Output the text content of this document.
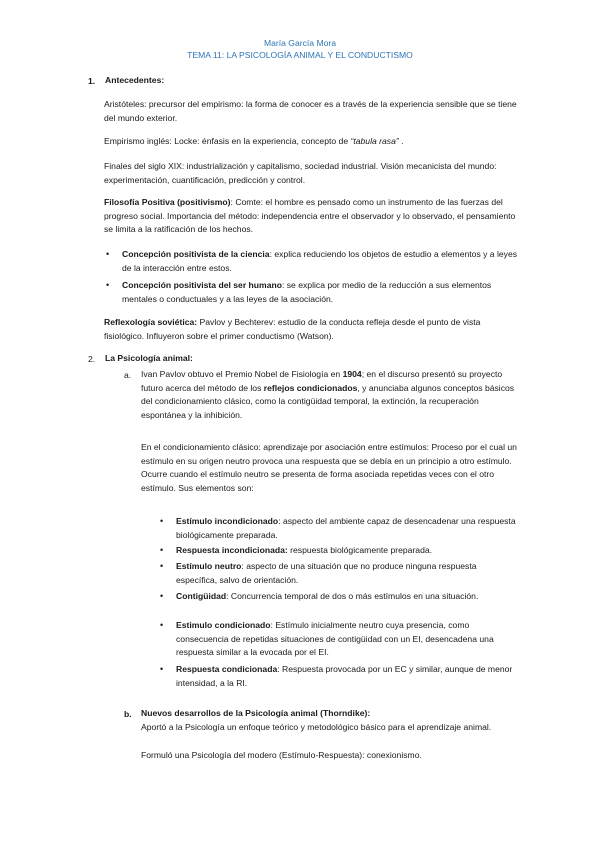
María García Mora
TEMA 11: LA PSICOLOGÍA ANIMAL Y EL CONDUCTISMO
1. Antecedentes:
Aristóteles: precursor del empirismo: la forma de conocer es a través de la experiencia sensible que se tiene del mundo exterior.
Empirismo inglés: Locke: énfasis en la experiencia, concepto de “tabula rasa” .
Finales del siglo XIX: industrialización y capitalismo, sociedad industrial. Visión mecanicista del mundo: experimentación, cuantificación, predicción y control.
Filosofía Positiva (positivismo): Comte: el hombre es pensado como un instrumento de las fuerzas del progreso social. Importancia del método: independencia entre el observador y lo observado, el pensamiento se limita a la ratificación de los hechos.
• Concepción positivista de la ciencia: explica reduciendo los objetos de estudio a elementos y a leyes de la interacción entre estos.
• Concepción positivista del ser humano: se explica por medio de la reducción a sus elementos mentales o conductuales y a las leyes de la asociación.
Reflexología soviética: Pavlov y Bechterev: estudio de la conducta refleja desde el punto de vista fisiológico. Influyeron sobre el primer conductismo (Watson).
2. La Psicología animal:
a. Ivan Pavlov obtuvo el Premio Nobel de Fisiología en 1904; en el discurso presentó su proyecto futuro acerca del método de los reflejos condicionados, y anunciaba algunos conceptos básicos del condicionamiento clásico, como la contigüidad temporal, la extinción, la recuperación espontánea y la inhibición.
En el condicionamiento clásico: aprendizaje por asociación entre estímulos: Proceso por el cual un estímulo en su origen neutro provoca una respuesta que se debía en un principio a otro estímulo. Ocurre cuando el estímulo neutro se presenta de forma asociada repetidas veces con el otro estímulo. Sus elementos son:
• Estímulo incondicionado: aspecto del ambiente capaz de desencadenar una respuesta biológicamente preparada.
• Respuesta incondicionada: respuesta biológicamente preparada.
• Estímulo neutro: aspecto de una situación que no produce ninguna respuesta específica, salvo de orientación.
• Contigüidad: Concurrencia temporal de dos o más estímulos en una situación.
• Estimulo condicionado: Estímulo inicialmente neutro cuya presencia, como consecuencia de repetidas situaciones de contigüidad con un EI, desencadena una respuesta similar a la evocada por el EI.
• Respuesta condicionada: Respuesta provocada por un EC y similar, aunque de menor intensidad, a la RI.
b. Nuevos desarrollos de la Psicología animal (Thorndike):
Aportó a la Psicología un enfoque teórico y metodológico básico para el aprendizaje animal.
Formuló una Psicología del modero (Estímulo-Respuesta): conexionismo.
